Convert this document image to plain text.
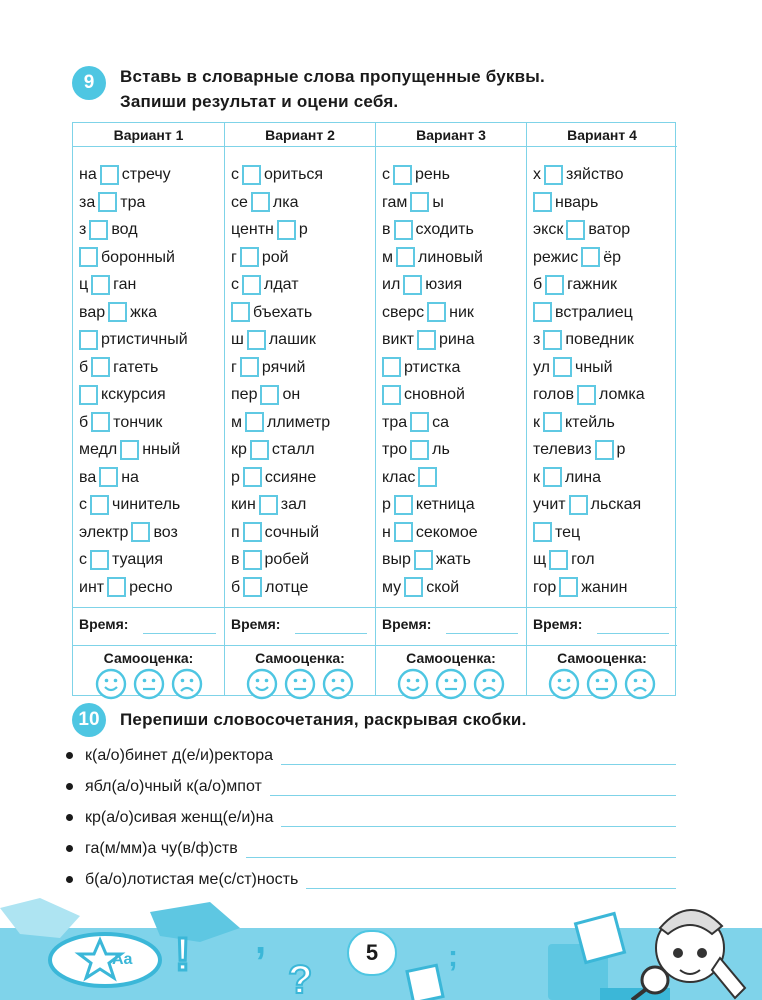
9	Вставь в словарные слова пропущенные буквы.
Запиши результат и оцени себя.
Вариант 1
на стречу
за тра
з вод
боронный
ц ган
вар жка
ртистичный
б гатеть
кскурсия
б тончик
медл нный
ва на
с чинитель
электр воз
с туация
инт ресно
Время:
Самооценка:
Вариант 2
с ориться
се лка
центн р
г рой
с лдат
бъехать
ш лашик
г рячий
пер он
м ллиметр
кр сталл
р ссияне
кин зал
п сочный
в робей
б лотце
Время:
Самооценка:
Вариант 3
с рень
гам ы
в сходить
м линовый
ил юзия
сверс ник
викт рина
ртистка
сновной
тра са
тро ль
клас
р кетница
н секомое
выр жать
му ской
Время:
Самооценка:
Вариант 4
х зяйство
нварь
экск ватор
режис ёр
б гажник
встралиец
з поведник
ул чный
голов ломка
к ктейль
телевиз р
к лина
учит льская
тец
щ гол
гор жанин
Время:
Самооценка:
10	Перепиши словосочетания, раскрывая скобки.
к(а/о)бинет д(е/и)ректора
ябл(а/о)чный к(а/о)мпот
кр(а/о)сивая женщ(е/и)на
га(м/мм)а чу(в/ф)ств
б(а/о)лотистая ме(с/ст)ность
Aa ! ,
?
;
5
